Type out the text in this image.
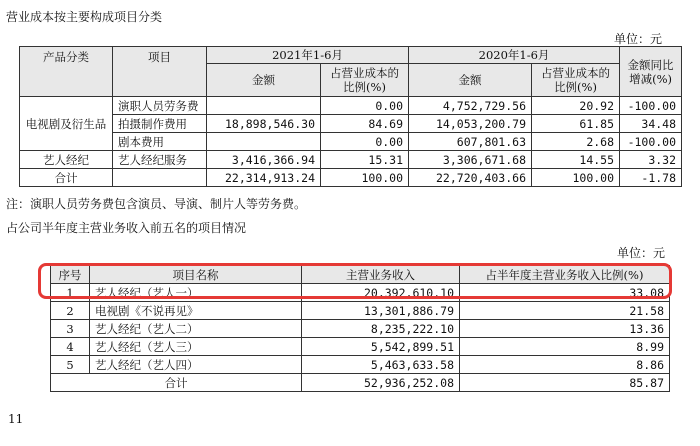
营业成本按主要构成项目分类
单位：元
产品分类	项目	2021年1-6月		2020年1-6月		金额同比增减(%)
		金额	占营业成本的比例(%)	金额	占营业成本的比例(%)	
电视剧及衍生品	演职人员劳务费		0.00	4,752,729.56	20.92	-100.00
	拍摄制作费用	18,898,546.30	84.69	14,053,200.79	61.85	34.48
	剧本费用		0.00	607,801.63	2.68	-100.00
艺人经纪	艺人经纪服务	3,416,366.94	15.31	3,306,671.68	14.55	3.32
合计		22,314,913.24	100.00	22,720,403.66	100.00	-1.78
注：演职人员劳务费包含演员、导演、制片人等劳务费。
占公司半年度主营业务收入前五名的项目情况
单位：元
序号	项目名称	主营业务收入	占半年度主营业务收入比例(%)
1	艺人经纪（艺人一）	20,392,610.10	33.08
2	电视剧《不说再见》	13,301,886.79	21.58
3	艺人经纪（艺人二）	8,235,222.10	13.36
4	艺人经纪（艺人三）	5,542,899.51	8.99
5	艺人经纪（艺人四）	5,463,633.58	8.86
合计		52,936,252.08	85.87
11
